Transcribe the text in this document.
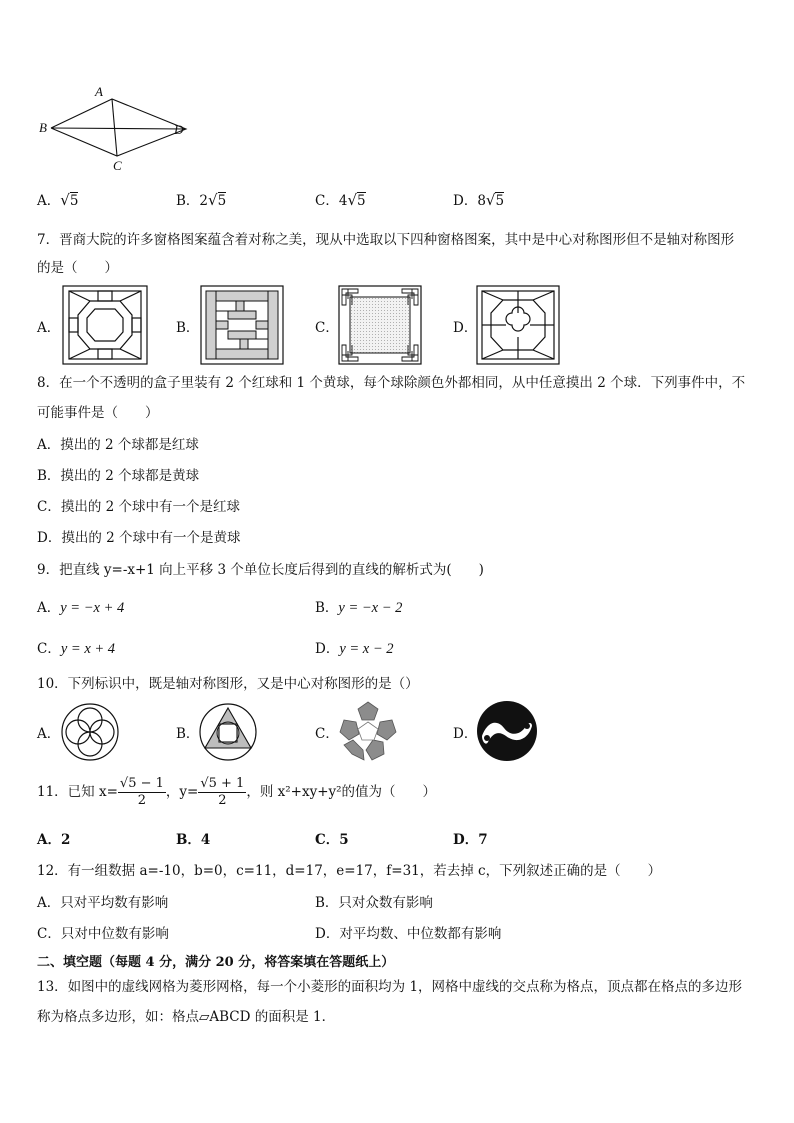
A
B
C
D
A．√5	B．2√5	C．4√5	D．8√5
7．晋商大院的许多窗格图案蕴含着对称之美，现从中选取以下四种窗格图案，其中是中心对称图形但不是轴对称图形
的是（　　）
A．	B．	C．	D．
8．在一个不透明的盒子里装有 2 个红球和 1 个黄球，每个球除颜色外都相同，从中任意摸出 2 个球．下列事件中，不
可能事件是（　　）
A．摸出的 2 个球都是红球
B．摸出的 2 个球都是黄球
C．摸出的 2 个球中有一个是红球
D．摸出的 2 个球中有一个是黄球
9．把直线 y=-x+1 向上平移 3 个单位长度后得到的直线的解析式为(　　)
A．y = −x + 4	B．y = −x − 2
C．y = x + 4	D．y = x − 2
10．下列标识中，既是轴对称图形，又是中心对称图形的是（）
A．	B．	C．	D．
11．已知 $x= \frac{√5 - 1}{2}$ ，$y= \frac{√5 + 1}{2}$ ，则 x²+xy+y²的值为（　　）
A．2	B．4	C．5	D．7
12．有一组数据 a=-10，b=0，c=11，d=17，e=17，f=31，若去掉 c，下列叙述正确的是（　　）
A．只对平均数有影响	B．只对众数有影响
C．只对中位数有影响	D．对平均数、中位数都有影响
二、填空题（每题 4 分，满分 20 分，将答案填在答题纸上）
13．如图中的虚线网格为菱形网格，每一个小菱形的面积均为 1，网格中虚线的交点称为格点，顶点都在格点的多边形
称为格点多边形，如：格点▱ABCD 的面积是 1．
